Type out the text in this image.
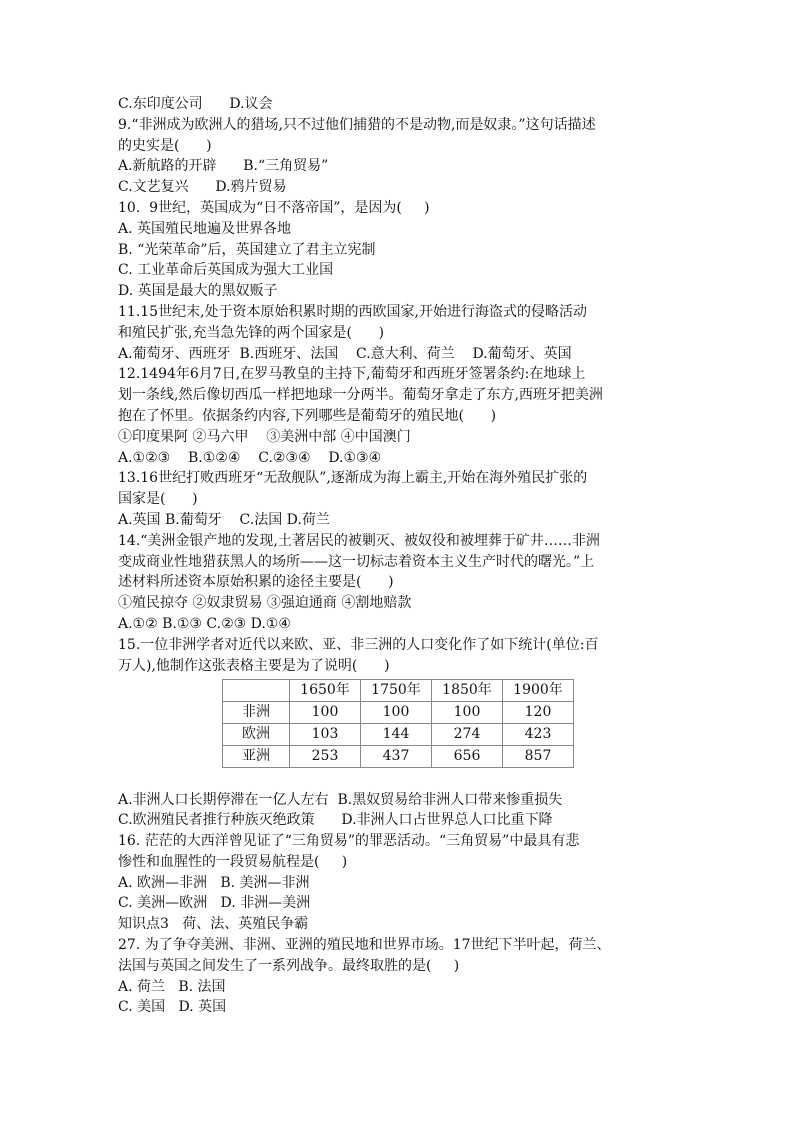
C.东印度公司      D.议会
9.“非洲成为欧洲人的猎场,只不过他们捕猎的不是动物,而是奴隶。”这句话描述
的史实是(      )
A.新航路的开辟      B.“三角贸易”
C.文艺复兴      D.鸦片贸易
10.  9世纪，英国成为“日不落帝国”，是因为(     )
A. 英国殖民地遍及世界各地
B. “光荣革命”后，英国建立了君主立宪制
C. 工业革命后英国成为强大工业国
D. 英国是最大的黑奴贩子
11.15世纪末,处于资本原始积累时期的西欧国家,开始进行海盗式的侵略活动
和殖民扩张,充当急先锋的两个国家是(      )
A.葡萄牙、西班牙  B.西班牙、法国    C.意大利、荷兰    D.葡萄牙、英国
12.1494年6月7日,在罗马教皇的主持下,葡萄牙和西班牙签署条约:在地球上
划一条线,然后像切西瓜一样把地球一分两半。葡萄牙拿走了东方,西班牙把美洲
抱在了怀里。依据条约内容,下列哪些是葡萄牙的殖民地(      )
①印度果阿 ②马六甲    ③美洲中部 ④中国澳门
A.①②③    B.①②④    C.②③④    D.①③④
13.16世纪打败西班牙“无敌舰队”,逐渐成为海上霸主,开始在海外殖民扩张的
国家是(      )
A.英国 B.葡萄牙    C.法国 D.荷兰
14.“美洲金银产地的发现,土著居民的被剿灭、被奴役和被埋葬于矿井……非洲
变成商业性地猎获黑人的场所——这一切标志着资本主义生产时代的曙光。”上
述材料所述资本原始积累的途径主要是(      )
①殖民掠夺 ②奴隶贸易 ③强迫通商 ④割地赔款
A.①② B.①③ C.②③ D.①④
15.一位非洲学者对近代以来欧、亚、非三洲的人口变化作了如下统计(单位:百
万人),他制作这张表格主要是为了说明(      )
	1650年	1750年	1850年	1900年
非洲	100	100	100	120
欧洲	103	144	274	423
亚洲	253	437	656	857
A.非洲人口长期停滞在一亿人左右  B.黑奴贸易给非洲人口带来惨重损失
C.欧洲殖民者推行种族灭绝政策      D.非洲人口占世界总人口比重下降
16. 茫茫的大西洋曾见证了“三角贸易”的罪恶活动。“三角贸易”中最具有悲
惨性和血腥性的一段贸易航程是(     )
A. 欧洲—非洲   B. 美洲—非洲
C. 美洲—欧洲   D. 非洲—美洲
知识点3   荷、法、英殖民争霸
27. 为了争夺美洲、非洲、亚洲的殖民地和世界市场。17世纪下半叶起，荷兰、
法国与英国之间发生了一系列战争。最终取胜的是(     )
A. 荷兰   B. 法国
C. 美国   D. 英国
